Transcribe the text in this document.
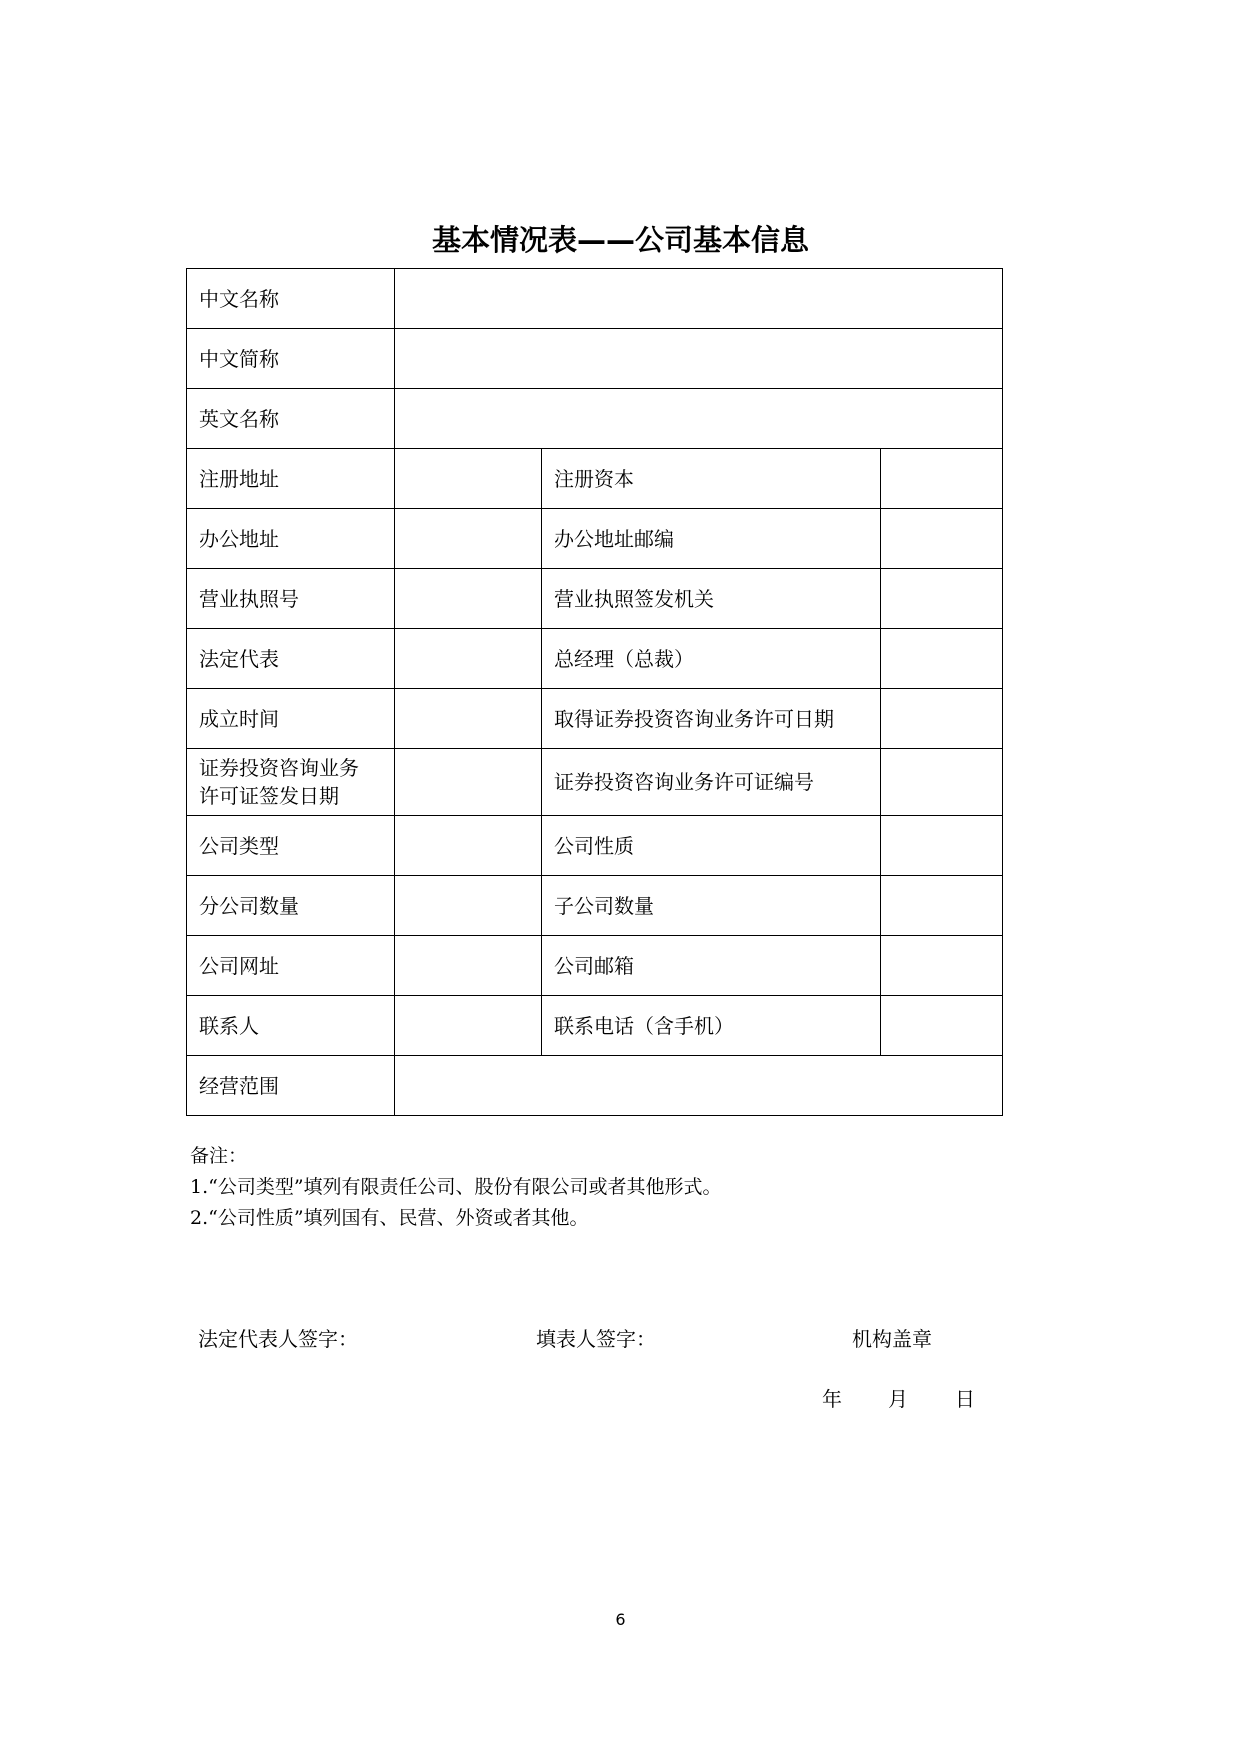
基本情况表——公司基本信息
中文名称			
中文简称			
英文名称			
注册地址		注册资本	
办公地址		办公地址邮编	
营业执照号		营业执照签发机关	
法定代表		总经理（总裁）	
成立时间		取得证券投资咨询业务许可日期	

证券投资咨询业务
许可证签发日期		证券投资咨询业务许可证编号	
公司类型		公司性质	
分公司数量		子公司数量	
公司网址		公司邮箱	
联系人		联系电话（含手机）	
经营范围			
备注：
1.“公司类型”填列有限责任公司、股份有限公司或者其他形式。
2.“公司性质”填列国有、民营、外资或者其他。
法定代表人签字：	填表人签字：	机构盖章
年 月 日
6
